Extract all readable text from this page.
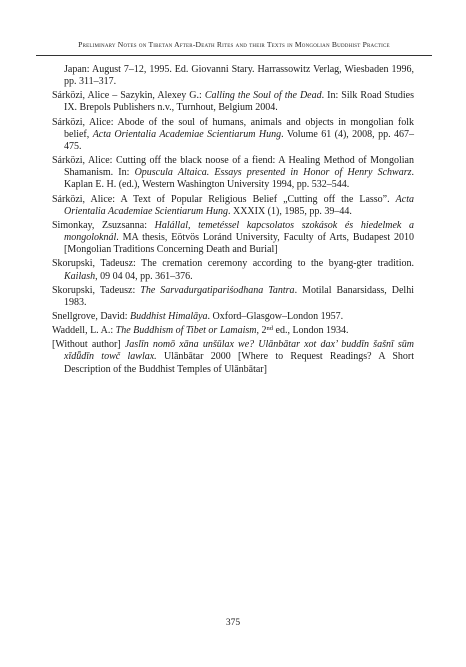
Preliminary Notes on Tibetan After-Death Rites and their Texts in Mongolian Buddhist Practice

Japan: August 7–12, 1995. Ed. Giovanni Stary. Harrassowitz Verlag, Wiesbaden 1996, pp. 311–317.

Sárközi, Alice – Sazykin, Alexey G.: Calling the Soul of the Dead. In: Silk Road Studies IX. Brepols Publishers n.v., Turnhout, Belgium 2004.

Sárközi, Alice: Abode of the soul of humans, animals and objects in mongolian folk belief, Acta Orientalia Academiae Scientiarum Hung. Volume 61 (4), 2008, pp. 467–475.

Sárközi, Alice: Cutting off the black noose of a fiend: A Healing Method of Mongolian Shamanism. In: Opuscula Altaica. Essays presented in Honor of Henry Schwarz. Kaplan E. H. (ed.), Western Washington University 1994, pp. 532–544.

Sárközi, Alice: A Text of Popular Religious Belief „Cutting off the Lasso”. Acta Orientalia Academiae Scientiarum Hung. XXXIX (1), 1985, pp. 39–44.

Simonkay, Zsuzsanna: Halállal, temetéssel kapcsolatos szokások és hiedelmek a mongoloknál. MA thesis, Eötvös Loránd University, Faculty of Arts, Budapest 2010 [Mongolian Traditions Concerning Death and Burial]

Skorupski, Tadeusz: The cremation ceremony according to the byang-gter tradition. Kailash, 09 04 04, pp. 361–376.

Skorupski, Tadeusz: The Sarvadurgatipariśodhana Tantra. Motilal Banarsidass, Delhi 1983.

Snellgrove, David: Buddhist Himalāya. Oxford–Glasgow–London 1957.

Waddell, L. A.: The Buddhism of Tibet or Lamaism, 2nd ed., London 1934.

[Without author] Jaslīn nomō xāna unšūlax we? Ulānbātar xot dax’ buddīn šašnī sūm xīdǖdīn towč lawlax. Ulānbātar 2000 [Where to Request Readings? A Short Description of the Buddhist Temples of Ulānbātar]

375
